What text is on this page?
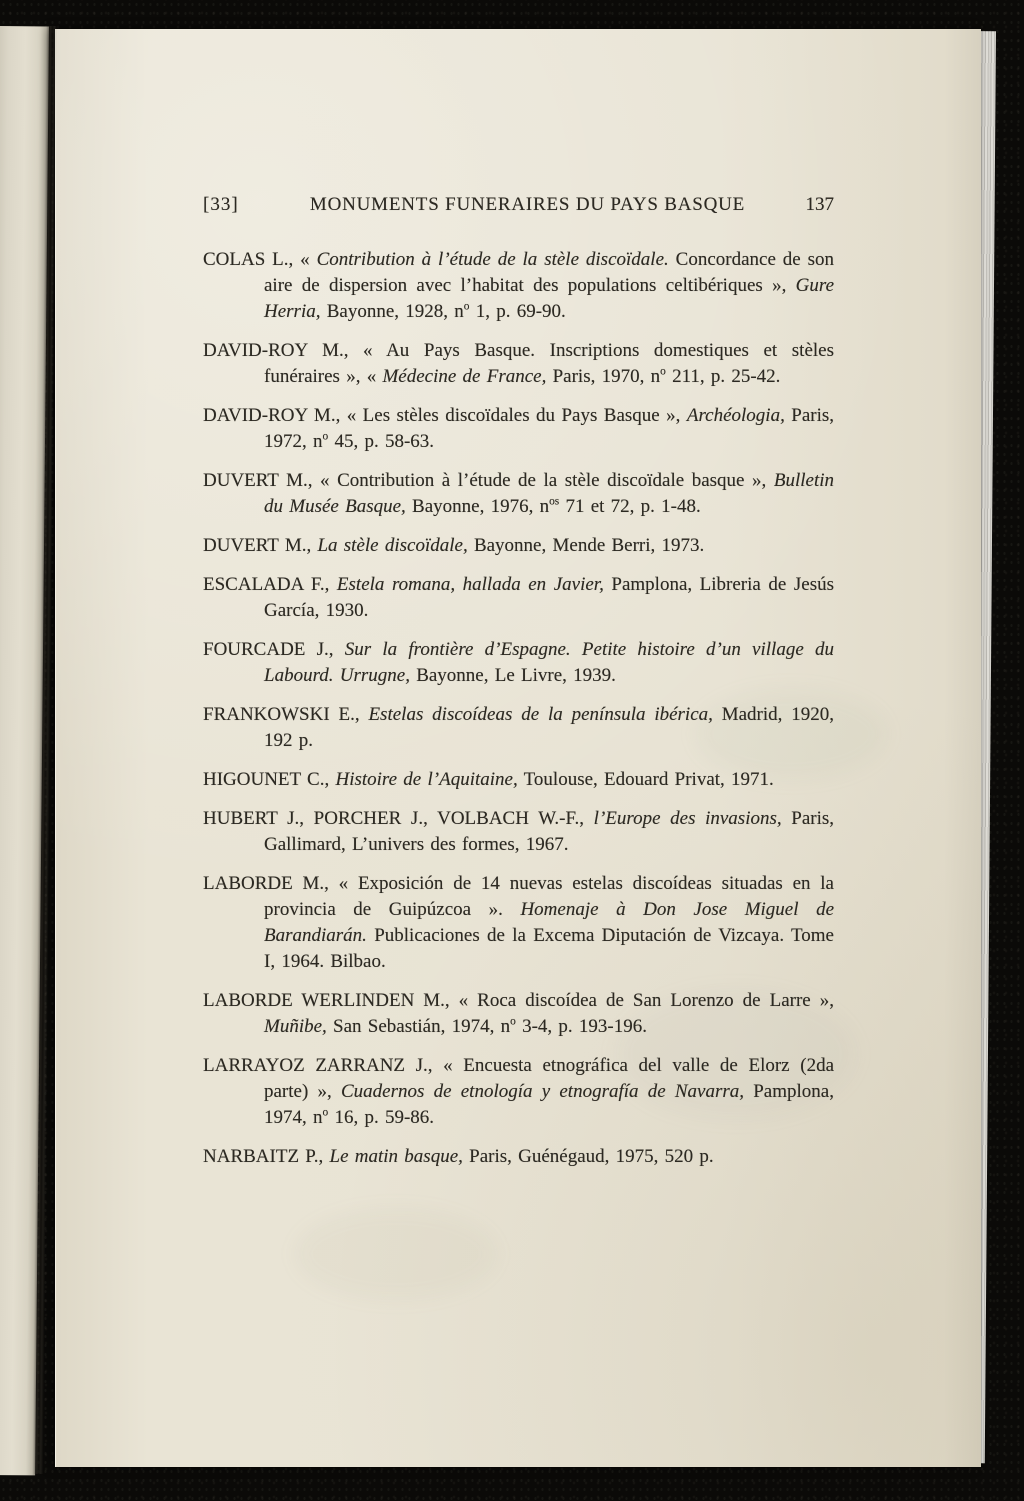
[33]	MONUMENTS FUNERAIRES DU PAYS BASQUE	137

COLAS L., « Contribution à l’étude de la stèle discoïdale. Concordance de son aire de dispersion avec l’habitat des populations celtibériques », Gure Herria, Bayonne, 1928, $n^o$ 1, p. 69-90.

DAVID-ROY M., « Au Pays Basque. Inscriptions domestiques et stèles funéraires », « Médecine de France, Paris, 1970, $n^o$ 211, p. 25-42.

DAVID-ROY M., « Les stèles discoïdales du Pays Basque », Archéologia, Paris, 1972, $n^o$ 45, p. 58-63.

DUVERT M., « Contribution à l’étude de la stèle discoïdale basque », Bulletin du Musée Basque, Bayonne, 1976, $n^{os}$ 71 et 72, p. 1-48.

DUVERT M., La stèle discoïdale, Bayonne, Mende Berri, 1973.

ESCALADA F., Estela romana, hallada en Javier, Pamplona, Libreria de Jesús García, 1930.

FOURCADE J., Sur la frontière d’Espagne. Petite histoire d’un village du Labourd. Urrugne, Bayonne, Le Livre, 1939.

FRANKOWSKI E., Estelas discoídeas de la península ibérica, Madrid, 1920, 192 p.

HIGOUNET C., Histoire de l’Aquitaine, Toulouse, Edouard Privat, 1971.

HUBERT J., PORCHER J., VOLBACH W.-F., l’Europe des invasions, Paris, Gallimard, L’univers des formes, 1967.

LABORDE M., « Exposición de 14 nuevas estelas discoídeas situadas en la provincia de Guipúzcoa ». Homenaje à Don Jose Miguel de Barandiarán. Publicaciones de la Excema Diputación de Vizcaya. Tome I, 1964. Bilbao.

LABORDE WERLINDEN M., « Roca discoídea de San Lorenzo de Larre », Muñibe, San Sebastián, 1974, $n^o$ 3-4, p. 193-196.

LARRAYOZ ZARRANZ J., « Encuesta etnográfica del valle de Elorz (2da parte) », Cuadernos de etnología y etnografía de Navarra, Pamplona, 1974, $n^o$ 16, p. 59-86.

NARBAITZ P., Le matin basque, Paris, Guénégaud, 1975, 520 p.
